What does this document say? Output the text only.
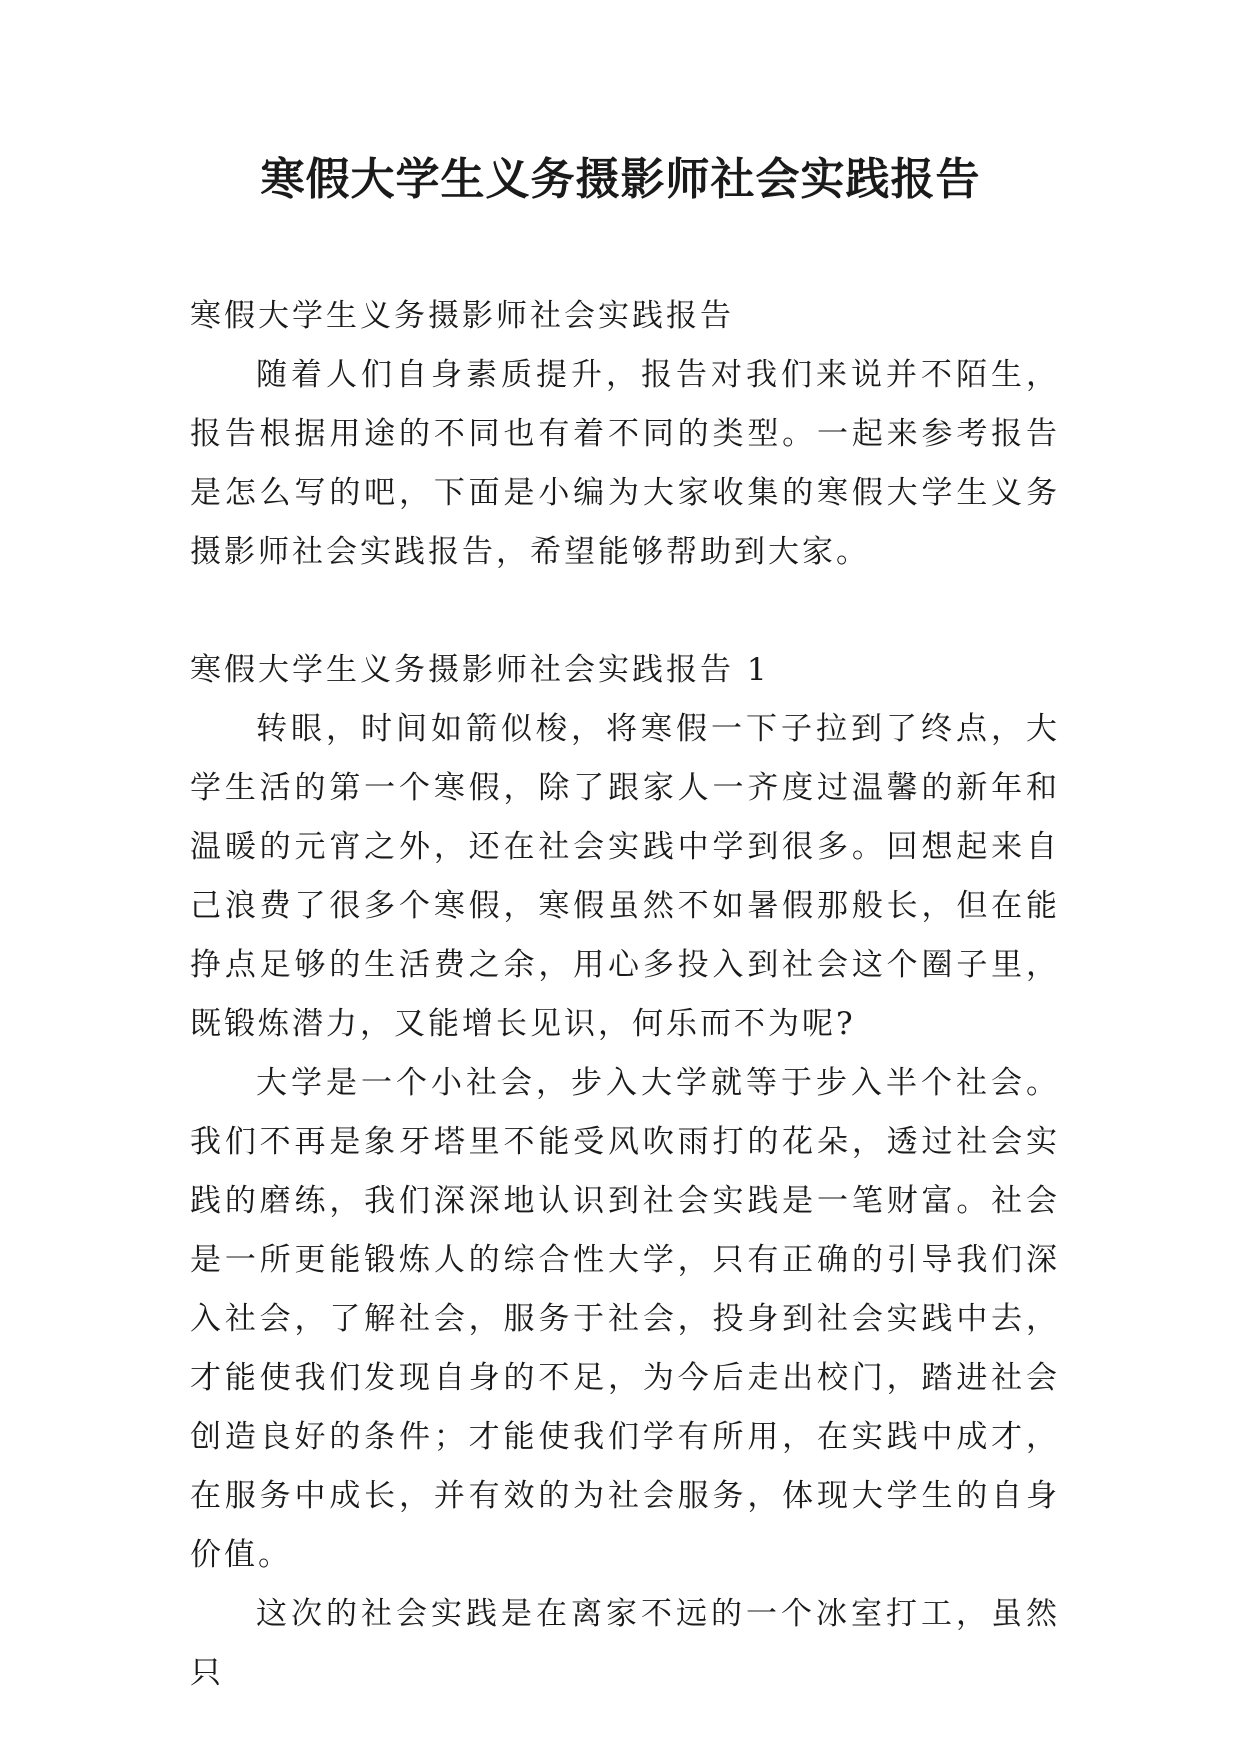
寒假大学生义务摄影师社会实践报告

寒假大学生义务摄影师社会实践报告

随着人们自身素质提升，报告对我们来说并不陌生，报告根据用途的不同也有着不同的类型。一起来参考报告是怎么写的吧，下面是小编为大家收集的寒假大学生义务摄影师社会实践报告，希望能够帮助到大家。

寒假大学生义务摄影师社会实践报告 1

转眼，时间如箭似梭，将寒假一下子拉到了终点，大学生活的第一个寒假，除了跟家人一齐度过温馨的新年和温暖的元宵之外，还在社会实践中学到很多。回想起来自己浪费了很多个寒假，寒假虽然不如暑假那般长，但在能挣点足够的生活费之余，用心多投入到社会这个圈子里，既锻炼潜力，又能增长见识，何乐而不为呢?

大学是一个小社会，步入大学就等于步入半个社会。我们不再是象牙塔里不能受风吹雨打的花朵，透过社会实践的磨练，我们深深地认识到社会实践是一笔财富。社会是一所更能锻炼人的综合性大学，只有正确的引导我们深入社会，了解社会，服务于社会，投身到社会实践中去，才能使我们发现自身的不足，为今后走出校门，踏进社会创造良好的条件；才能使我们学有所用，在实践中成才，在服务中成长，并有效的为社会服务，体现大学生的自身价值。

这次的社会实践是在离家不远的一个冰室打工，虽然只
